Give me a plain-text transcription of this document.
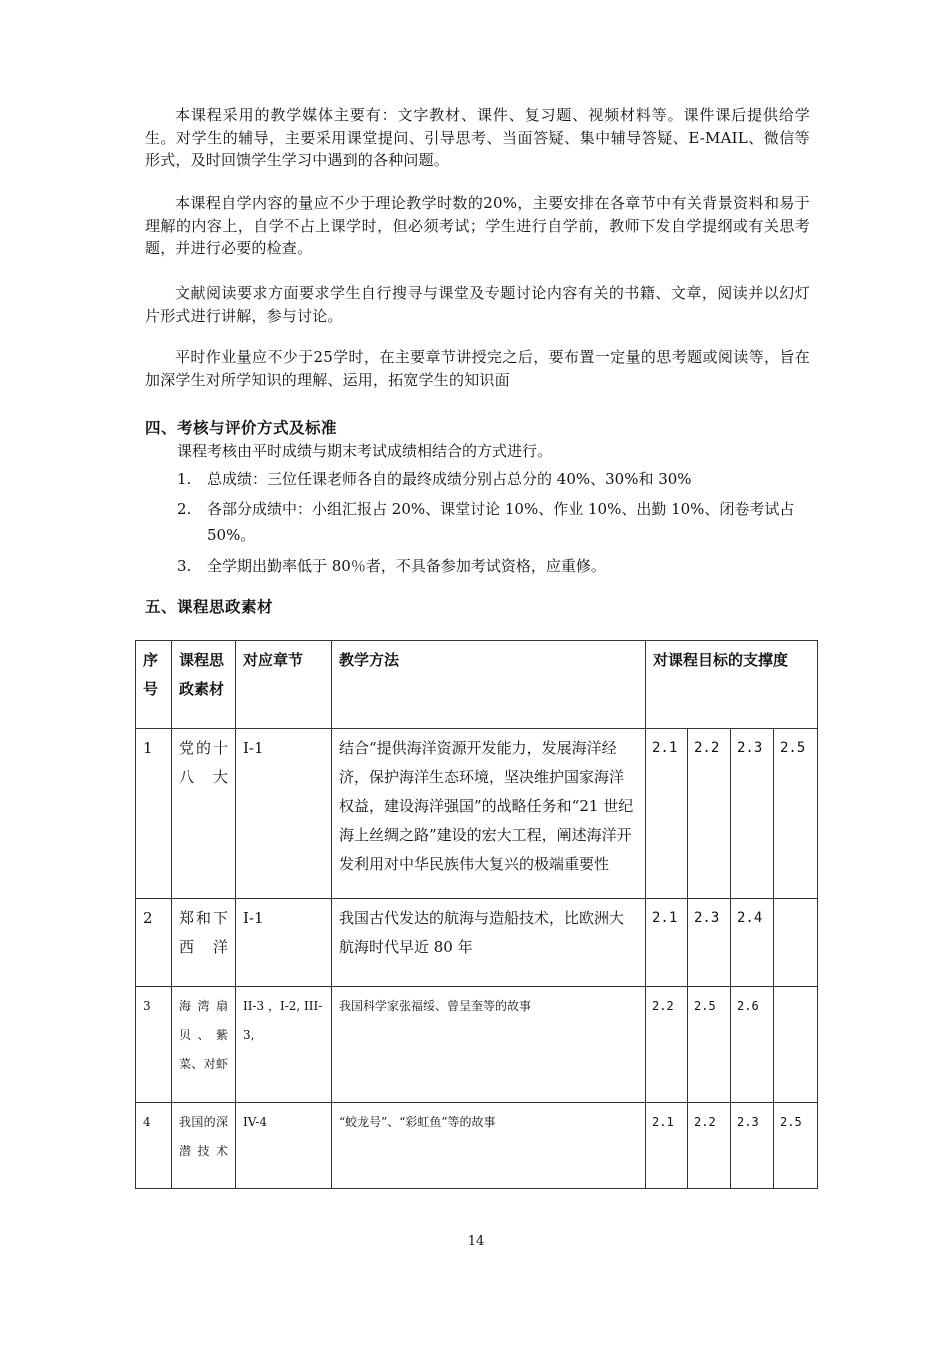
本课程采用的教学媒体主要有：文字教材、课件、复习题、视频材料等。课件课后提供给学生。对学生的辅导，主要采用课堂提问、引导思考、当面答疑、集中辅导答疑、E-MAIL、微信等形式，及时回馈学生学习中遇到的各种问题。

本课程自学内容的量应不少于理论教学时数的20%，主要安排在各章节中有关背景资料和易于理解的内容上，自学不占上课学时，但必须考试；学生进行自学前，教师下发自学提纲或有关思考题，并进行必要的检查。

文献阅读要求方面要求学生自行搜寻与课堂及专题讨论内容有关的书籍、文章，阅读并以幻灯片形式进行讲解，参与讨论。

平时作业量应不少于25学时，在主要章节讲授完之后，要布置一定量的思考题或阅读等，旨在加深学生对所学知识的理解、运用，拓宽学生的知识面

四、考核与评价方式及标准
课程考核由平时成绩与期末考试成绩相结合的方式进行。
1.	总成绩：三位任课老师各自的最终成绩分别占总分的 40%、30%和 30%
2.	各部分成绩中：小组汇报占 20%、课堂讨论 10%、作业 10%、出勤 10%、闭卷考试占 50%。
3.	全学期出勤率低于 80％者，不具备参加考试资格，应重修。
五、课程思政素材
序号	课程思政素材	对应章节	教学方法	对课程目标的支撑度			
1	党的十八大	I-1	结合“提供海洋资源开发能力，发展海洋经济，保护海洋生态环境，坚决维护国家海洋权益，建设海洋强国”的战略任务和“21 世纪海上丝绸之路”建设的宏大工程，阐述海洋开发利用对中华民族伟大复兴的极端重要性	2.1	2.2	2.3	2.5
2	郑和下西洋	I-1	我国古代发达的航海与造船技术，比欧洲大航海时代早近 80 年	2.1	2.3	2.4	
3	海湾扇贝、紫菜、对虾	II-3 ，I-2, III-3,	我国科学家张福绥、曾呈奎等的故事	2.2	2.5	2.6	
4	我国的深潜技术	IV-4	“蛟龙号”、“彩虹鱼”等的故事	2.1	2.2	2.3	2.5
14
